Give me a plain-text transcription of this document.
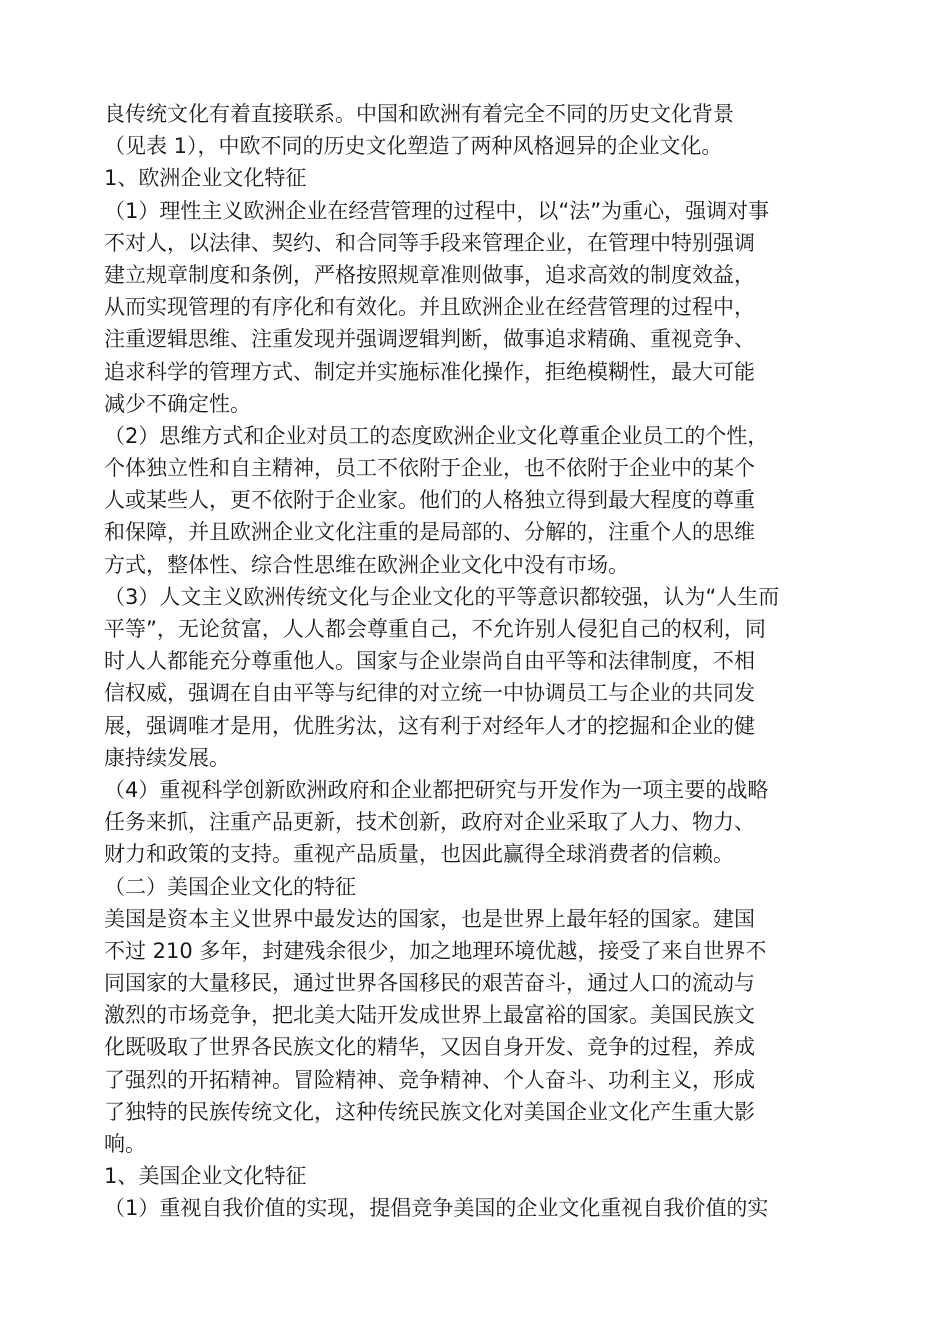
良传统文化有着直接联系。中国和欧洲有着完全不同的历史文化背景
（见表 1），中欧不同的历史文化塑造了两种风格迥异的企业文化。
1、欧洲企业文化特征
（1）理性主义欧洲企业在经营管理的过程中，以“法”为重心，强调对事
不对人，以法律、契约、和合同等手段来管理企业，在管理中特别强调
建立规章制度和条例，严格按照规章准则做事，追求高效的制度效益，
从而实现管理的有序化和有效化。并且欧洲企业在经营管理的过程中，
注重逻辑思维、注重发现并强调逻辑判断，做事追求精确、重视竞争、
追求科学的管理方式、制定并实施标准化操作，拒绝模糊性，最大可能
减少不确定性。
（2）思维方式和企业对员工的态度欧洲企业文化尊重企业员工的个性，
个体独立性和自主精神，员工不依附于企业，也不依附于企业中的某个
人或某些人，更不依附于企业家。他们的人格独立得到最大程度的尊重
和保障，并且欧洲企业文化注重的是局部的、分解的，注重个人的思维
方式，整体性、综合性思维在欧洲企业文化中没有市场。
（3）人文主义欧洲传统文化与企业文化的平等意识都较强，认为“人生而
平等”，无论贫富，人人都会尊重自己，不允许别人侵犯自己的权利，同
时人人都能充分尊重他人。国家与企业崇尚自由平等和法律制度，不相
信权威，强调在自由平等与纪律的对立统一中协调员工与企业的共同发
展，强调唯才是用，优胜劣汰，这有利于对经年人才的挖掘和企业的健
康持续发展。
（4）重视科学创新欧洲政府和企业都把研究与开发作为一项主要的战略
任务来抓，注重产品更新，技术创新，政府对企业采取了人力、物力、
财力和政策的支持。重视产品质量，也因此赢得全球消费者的信赖。
（二）美国企业文化的特征
美国是资本主义世界中最发达的国家，也是世界上最年轻的国家。建国
不过 210 多年，封建残余很少，加之地理环境优越，接受了来自世界不
同国家的大量移民，通过世界各国移民的艰苦奋斗，通过人口的流动与
激烈的市场竞争，把北美大陆开发成世界上最富裕的国家。美国民族文
化既吸取了世界各民族文化的精华，又因自身开发、竞争的过程，养成
了强烈的开拓精神。冒险精神、竞争精神、个人奋斗、功利主义，形成
了独特的民族传统文化，这种传统民族文化对美国企业文化产生重大影
响。
1、美国企业文化特征
（1）重视自我价值的实现，提倡竞争美国的企业文化重视自我价值的实
